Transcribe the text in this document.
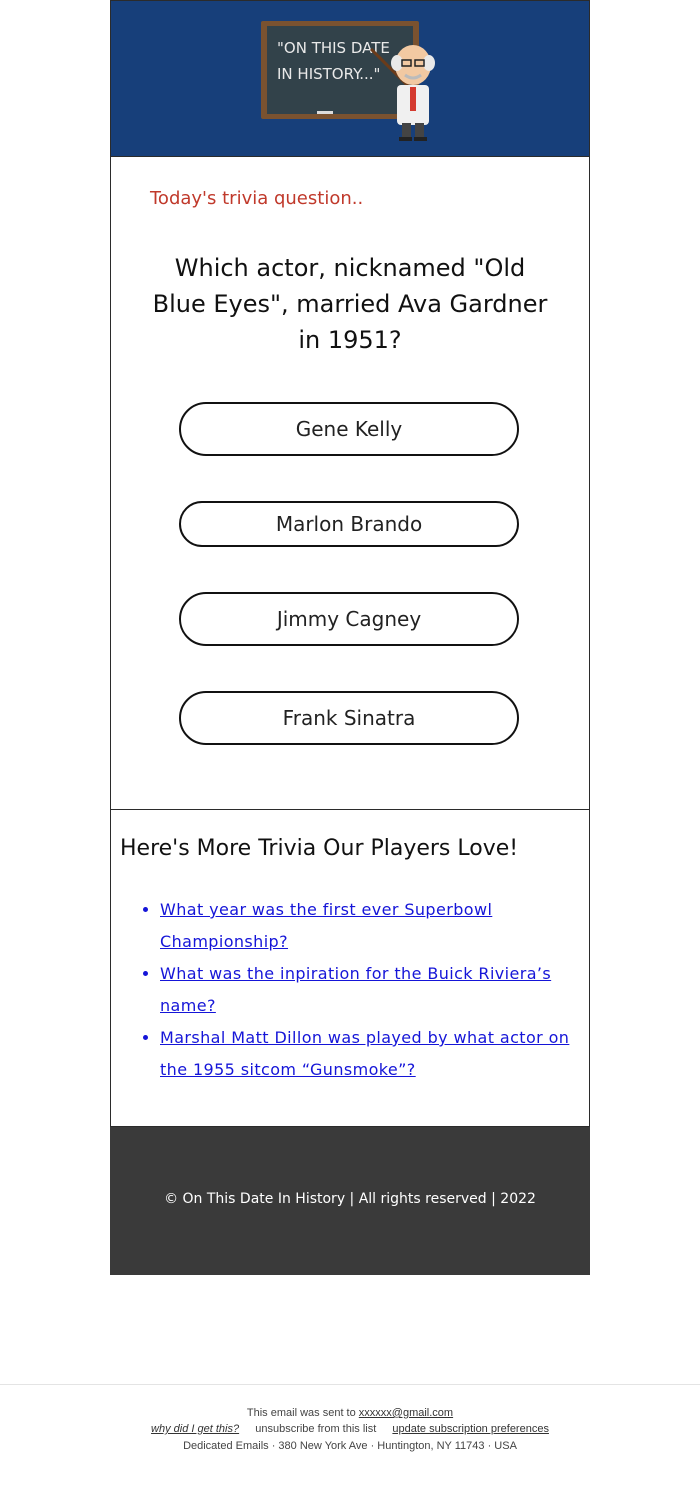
"ON THIS DATE
IN HISTORY..."
Today's trivia question..
Which actor, nicknamed "Old Blue Eyes", married Ava Gardner in 1951?
Gene Kelly
Marlon Brando
Jimmy Cagney
Frank Sinatra
Here's More Trivia Our Players Love!
• What year was the first ever Superbowl Championship?
• What was the inpiration for the Buick Riviera’s name?
• Marshal Matt Dillon was played by what actor on the 1955 sitcom “Gunsmoke”?
© On This Date In History | All rights reserved | 2022
This email was sent to xxxxxx@gmail.com
why did I get this? unsubscribe from this list update subscription preferences
Dedicated Emails · 380 New York Ave · Huntington, NY 11743 · USA
